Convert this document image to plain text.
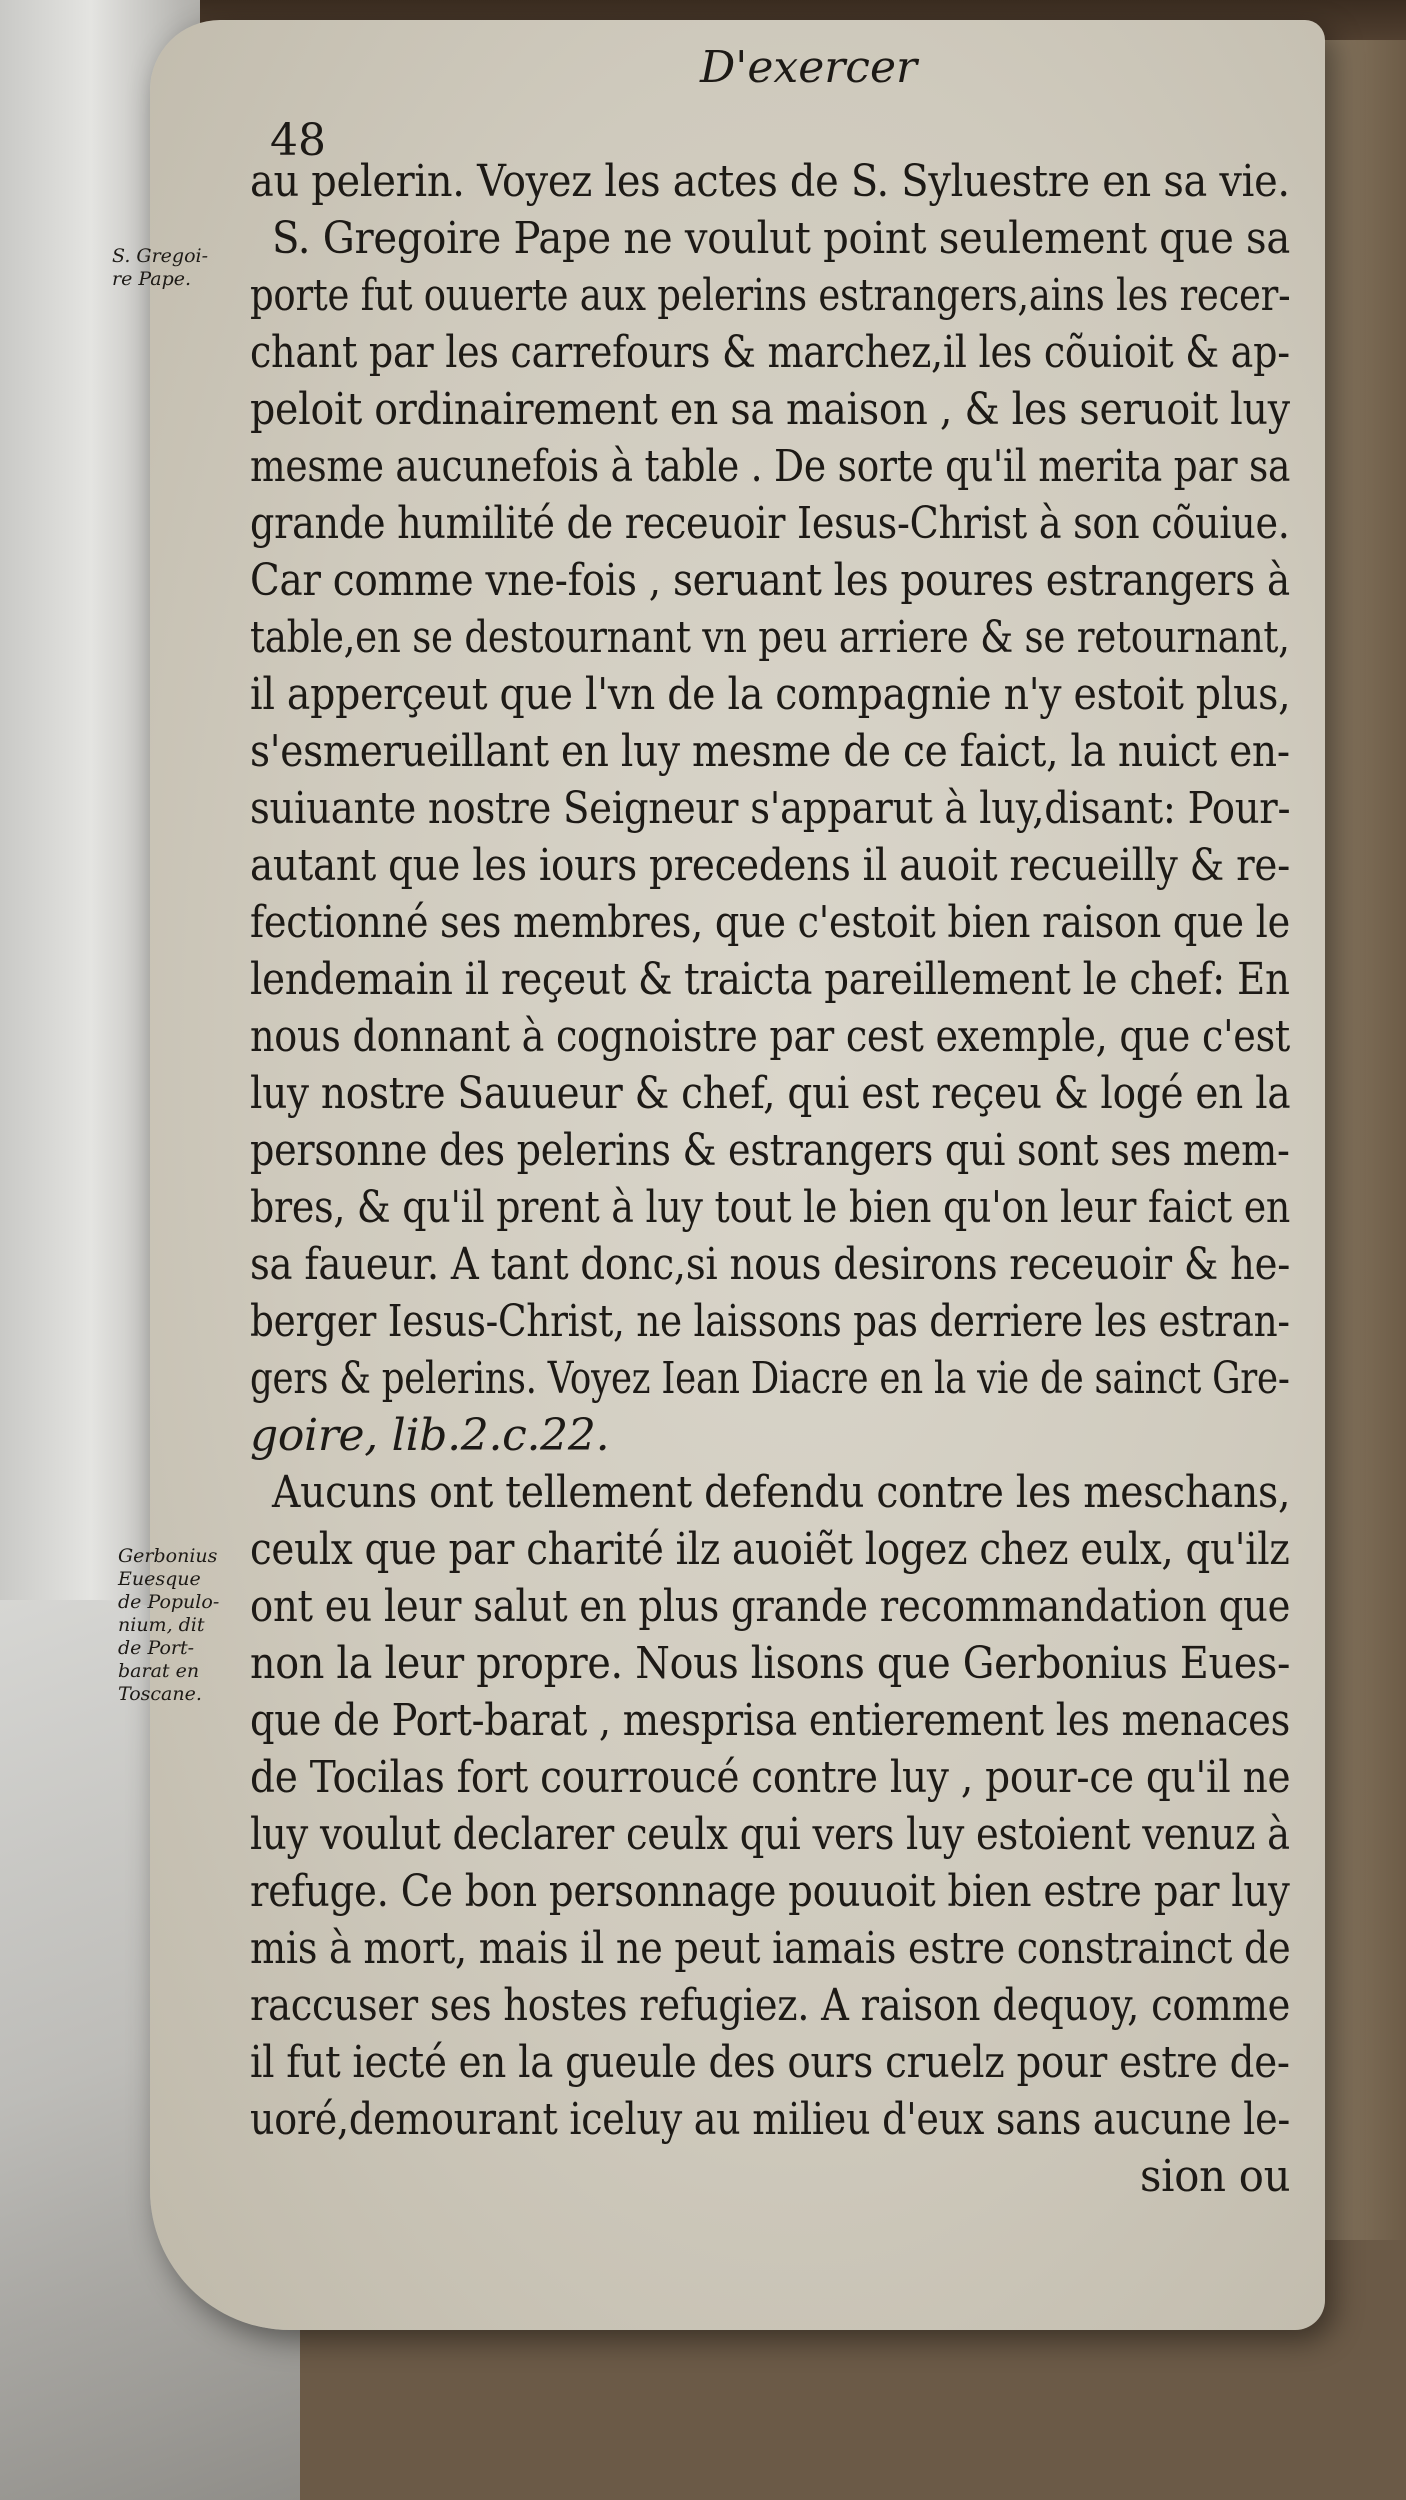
D'exercer
48
S. Gregoi-
re Pape.
Gerbonius
Euesque
de Populo-
nium, dit
de Port-
barat en
Toscane.

au pelerin. Voyez les actes de S. Syluestre en sa vie.

S. Gregoire Pape ne voulut point seulement que sa

porte fut ouuerte aux pelerins estrangers,ains les recer-

chant par les carrefours & marchez,il les cõuioit & ap-

peloit ordinairement en sa maison , & les seruoit luy

mesme aucunefois à table . De sorte qu'il merita par sa

grande humilité de receuoir Iesus-Christ à son cõuiue.

Car comme vne-fois , seruant les poures estrangers à

table,en se destournant vn peu arriere & se retournant,

il apperçeut que l'vn de la compagnie n'y estoit plus,

s'esmerueillant en luy mesme de ce faict, la nuict en-

suiuante nostre Seigneur s'apparut à luy,disant: Pour-

autant que les iours precedens il auoit recueilly & re-

fectionné ses membres, que c'estoit bien raison que le

lendemain il reçeut & traicta pareillement le chef: En

nous donnant à cognoistre par cest exemple, que c'est

luy nostre Sauueur & chef, qui est reçeu & logé en la

personne des pelerins & estrangers qui sont ses mem-

bres, & qu'il prent à luy tout le bien qu'on leur faict en

sa faueur. A tant donc,si nous desirons receuoir & he-

berger Iesus-Christ, ne laissons pas derriere les estran-

gers & pelerins. Voyez Iean Diacre en la vie de sainct Gre-

goire, lib.2.c.22.

Aucuns ont tellement defendu contre les meschans,

ceulx que par charité ilz auoiẽt logez chez eulx, qu'ilz

ont eu leur salut en plus grande recommandation que

non la leur propre. Nous lisons que Gerbonius Eues-

que de Port-barat , mesprisa entierement les menaces

de Tocilas fort courroucé contre luy , pour-ce qu'il ne

luy voulut declarer ceulx qui vers luy estoient venuz à

refuge. Ce bon personnage pouuoit bien estre par luy

mis à mort, mais il ne peut iamais estre constrainct de

raccuser ses hostes refugiez. A raison dequoy, comme

il fut iecté en la gueule des ours cruelz pour estre de-

uoré,demourant iceluy au milieu d'eux sans aucune le-

sion ou
